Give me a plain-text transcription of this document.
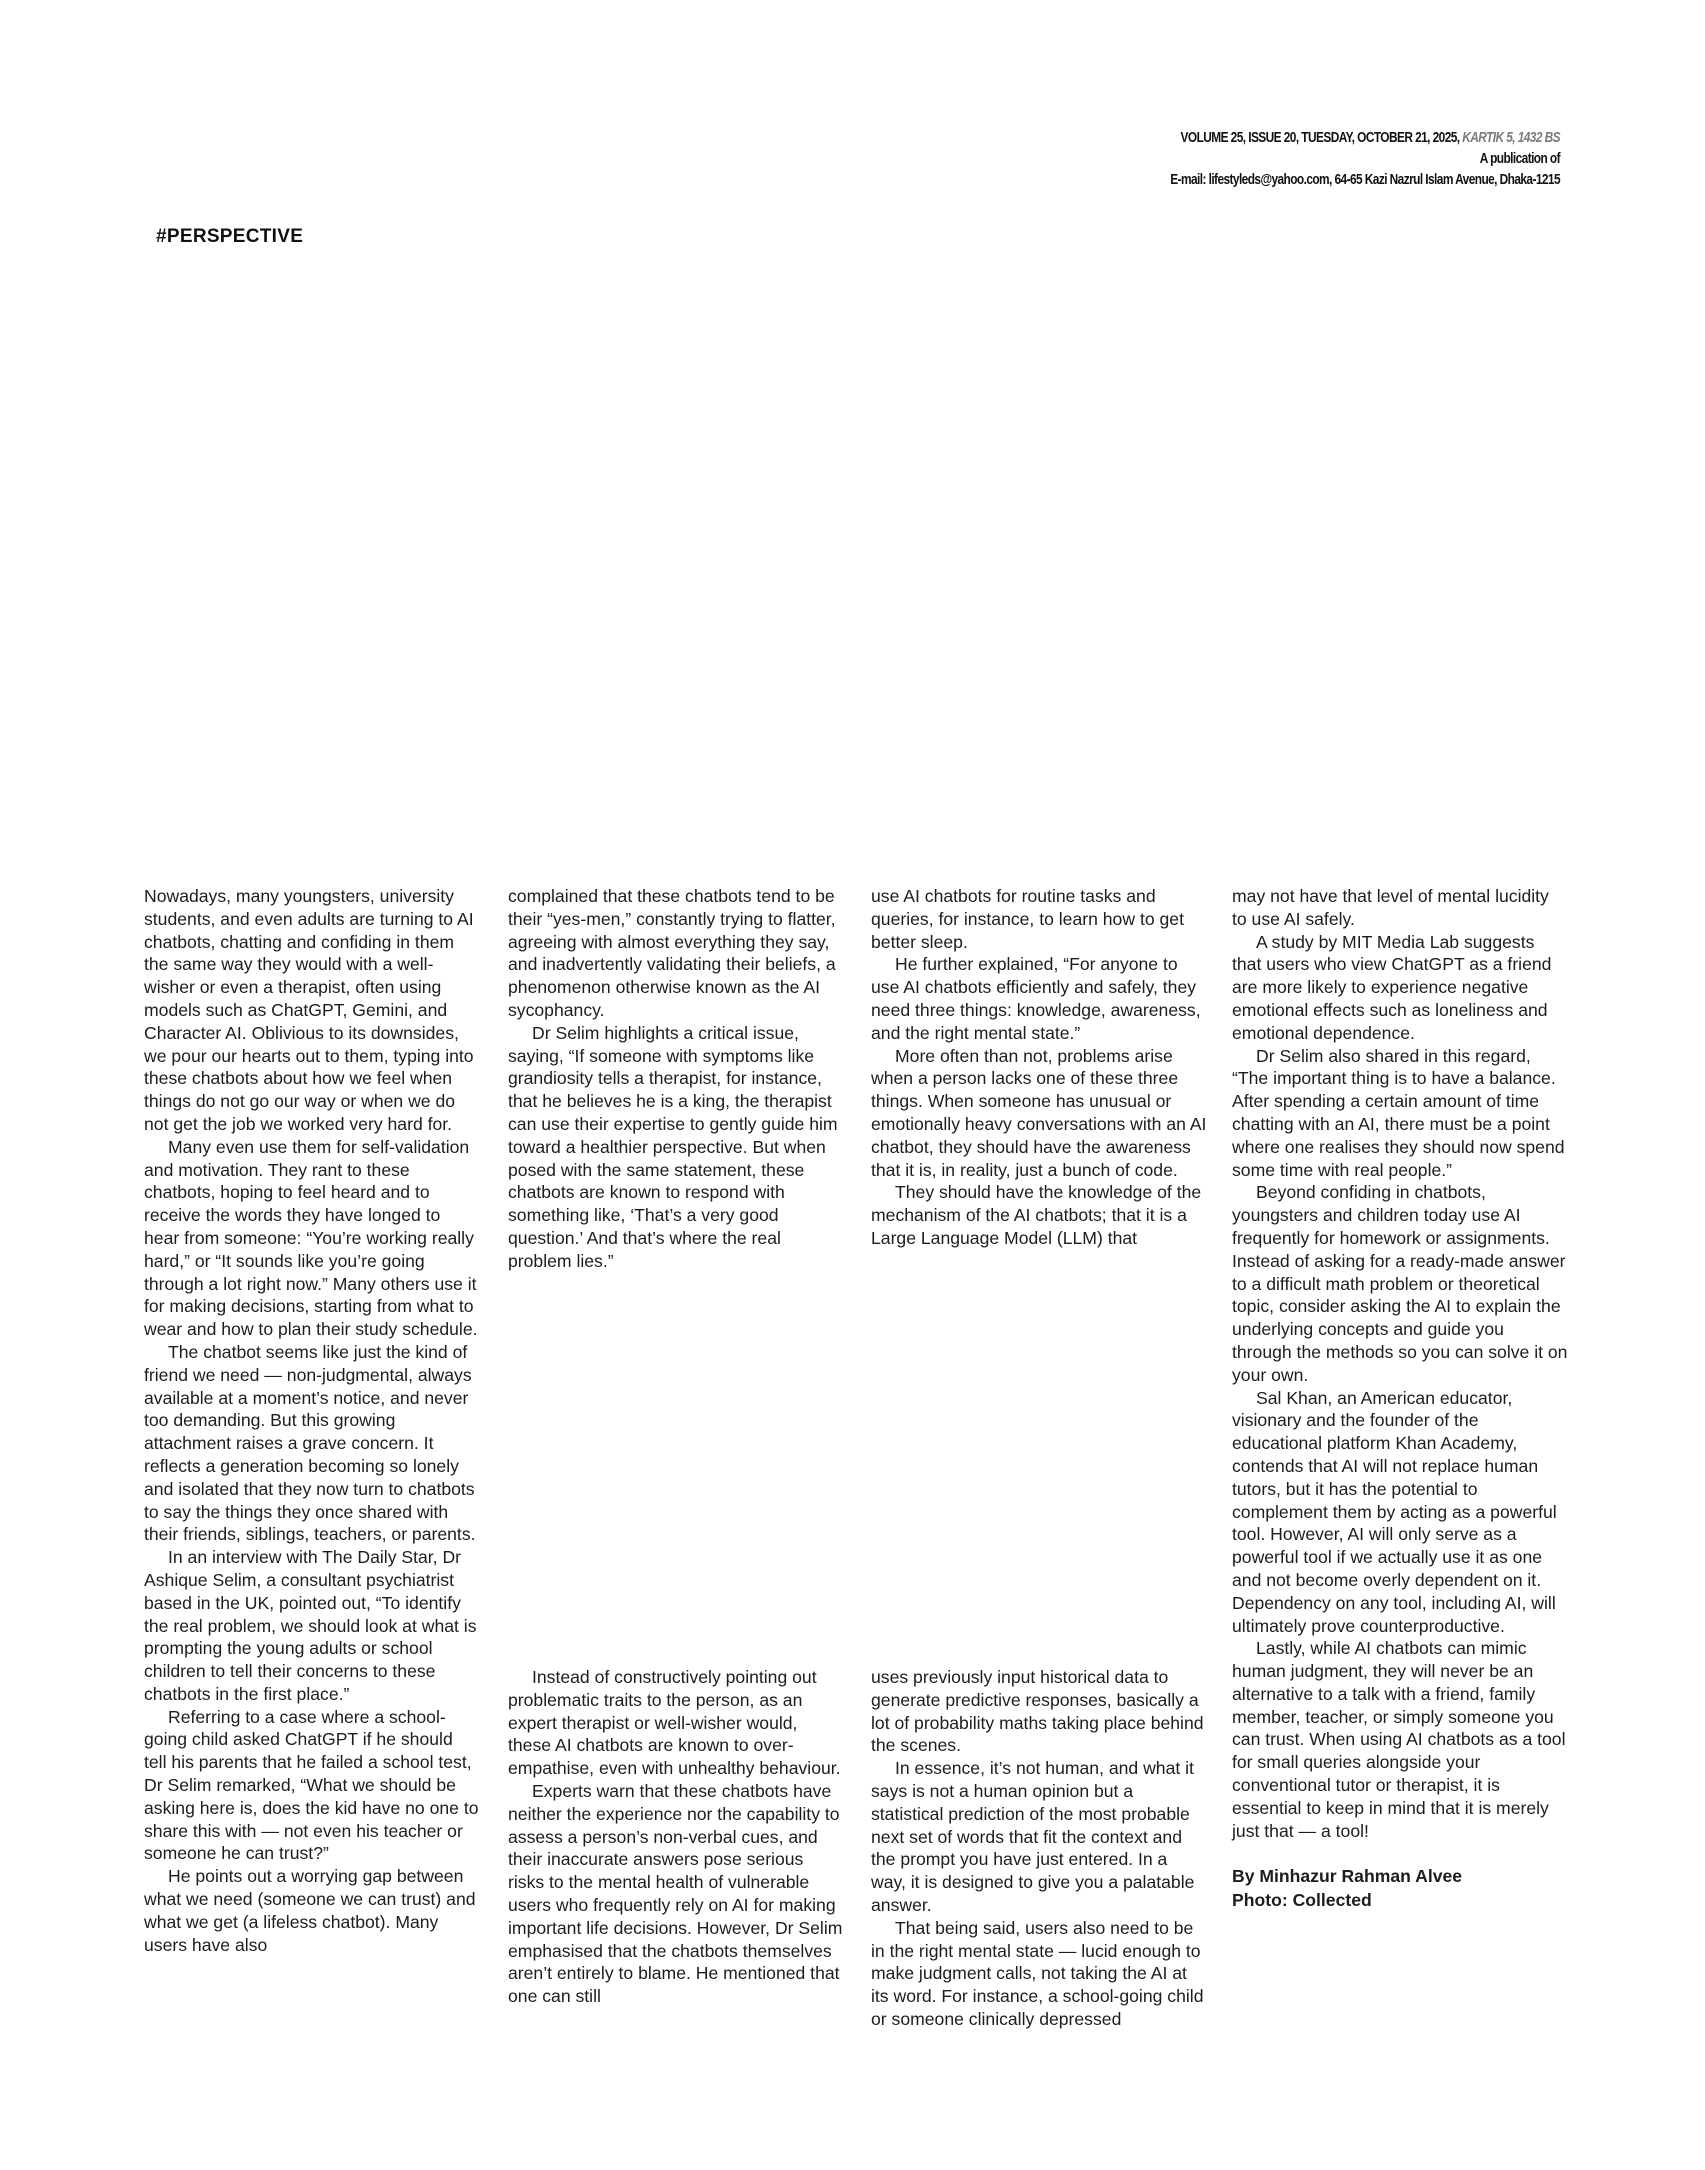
VOLUME 25, ISSUE 20, TUESDAY, OCTOBER 21, 2025, KARTIK 5, 1432 BS
A publication of
E-mail: lifestyleds@yahoo.com, 64-65 Kazi Nazrul Islam Avenue, Dhaka-1215
#PERSPECTIVE

Nowadays, many youngsters, university students, and even adults are turning to AI chatbots, chatting and confiding in them the same way they would with a well-wisher or even a therapist, often using models such as ChatGPT, Gemini, and Character AI. Oblivious to its downsides, we pour our hearts out to them, typing into these chatbots about how we feel when things do not go our way or when we do not get the job we worked very hard for.

Many even use them for self-validation and motivation. They rant to these chatbots, hoping to feel heard and to receive the words they have longed to hear from someone: “You’re working really hard,” or “It sounds like you’re going through a lot right now.” Many others use it for making decisions, starting from what to wear and how to plan their study schedule.

The chatbot seems like just the kind of friend we need — non-judgmental, always available at a moment’s notice, and never too demanding. But this growing attachment raises a grave concern. It reflects a generation becoming so lonely and isolated that they now turn to chatbots to say the things they once shared with their friends, siblings, teachers, or parents.

In an interview with The Daily Star, Dr Ashique Selim, a consultant psychiatrist based in the UK, pointed out, “To identify the real problem, we should look at what is prompting the young adults or school children to tell their concerns to these chatbots in the first place.”

Referring to a case where a school-going child asked ChatGPT if he should tell his parents that he failed a school test, Dr Selim remarked, “What we should be asking here is, does the kid have no one to share this with — not even his teacher or someone he can trust?”

He points out a worrying gap between what we need (someone we can trust) and what we get (a lifeless chatbot). Many users have also

complained that these chatbots tend to be their “yes-men,” constantly trying to flatter, agreeing with almost everything they say, and inadvertently validating their beliefs, a phenomenon otherwise known as the AI sycophancy.

Dr Selim highlights a critical issue, saying, “If someone with symptoms like grandiosity tells a therapist, for instance, that he believes he is a king, the therapist can use their expertise to gently guide him toward a healthier perspective. But when posed with the same statement, these chatbots are known to respond with something like, ‘That’s a very good question.’ And that’s where the real problem lies.”

use AI chatbots for routine tasks and queries, for instance, to learn how to get better sleep.

He further explained, “For anyone to use AI chatbots efficiently and safely, they need three things: knowledge, awareness, and the right mental state.”

More often than not, problems arise when a person lacks one of these three things. When someone has unusual or emotionally heavy conversations with an AI chatbot, they should have the awareness that it is, in reality, just a bunch of code.

They should have the knowledge of the mechanism of the AI chatbots; that it is a Large Language Model (LLM) that

may not have that level of mental lucidity to use AI safely.

A study by MIT Media Lab suggests that users who view ChatGPT as a friend are more likely to experience negative emotional effects such as loneliness and emotional dependence.

Dr Selim also shared in this regard, “The important thing is to have a balance. After spending a certain amount of time chatting with an AI, there must be a point where one realises they should now spend some time with real people.”

Beyond confiding in chatbots, youngsters and children today use AI frequently for homework or assignments. Instead of asking for a ready-made answer to a difficult math problem or theoretical topic, consider asking the AI to explain the underlying concepts and guide you through the methods so you can solve it on your own.

Sal Khan, an American educator, visionary and the founder of the educational platform Khan Academy, contends that AI will not replace human tutors, but it has the potential to complement them by acting as a powerful tool. However, AI will only serve as a powerful tool if we actually use it as one and not become overly dependent on it. Dependency on any tool, including AI, will ultimately prove counterproductive.

Lastly, while AI chatbots can mimic human judgment, they will never be an alternative to a talk with a friend, family member, teacher, or simply someone you can trust. When using AI chatbots as a tool for small queries alongside your conventional tutor or therapist, it is essential to keep in mind that it is merely just that — a tool!

By Minhazur Rahman Alvee
Photo: Collected

Instead of constructively pointing out problematic traits to the person, as an expert therapist or well-wisher would, these AI chatbots are known to over-empathise, even with unhealthy behaviour.

Experts warn that these chatbots have neither the experience nor the capability to assess a person’s non-verbal cues, and their inaccurate answers pose serious risks to the mental health of vulnerable users who frequently rely on AI for making important life decisions. However, Dr Selim emphasised that the chatbots themselves aren’t entirely to blame. He mentioned that one can still

uses previously input historical data to generate predictive responses, basically a lot of probability maths taking place behind the scenes.

In essence, it’s not human, and what it says is not a human opinion but a statistical prediction of the most probable next set of words that fit the context and the prompt you have just entered. In a way, it is designed to give you a palatable answer.

That being said, users also need to be in the right mental state — lucid enough to make judgment calls, not taking the AI at its word. For instance, a school-going child or someone clinically depressed
